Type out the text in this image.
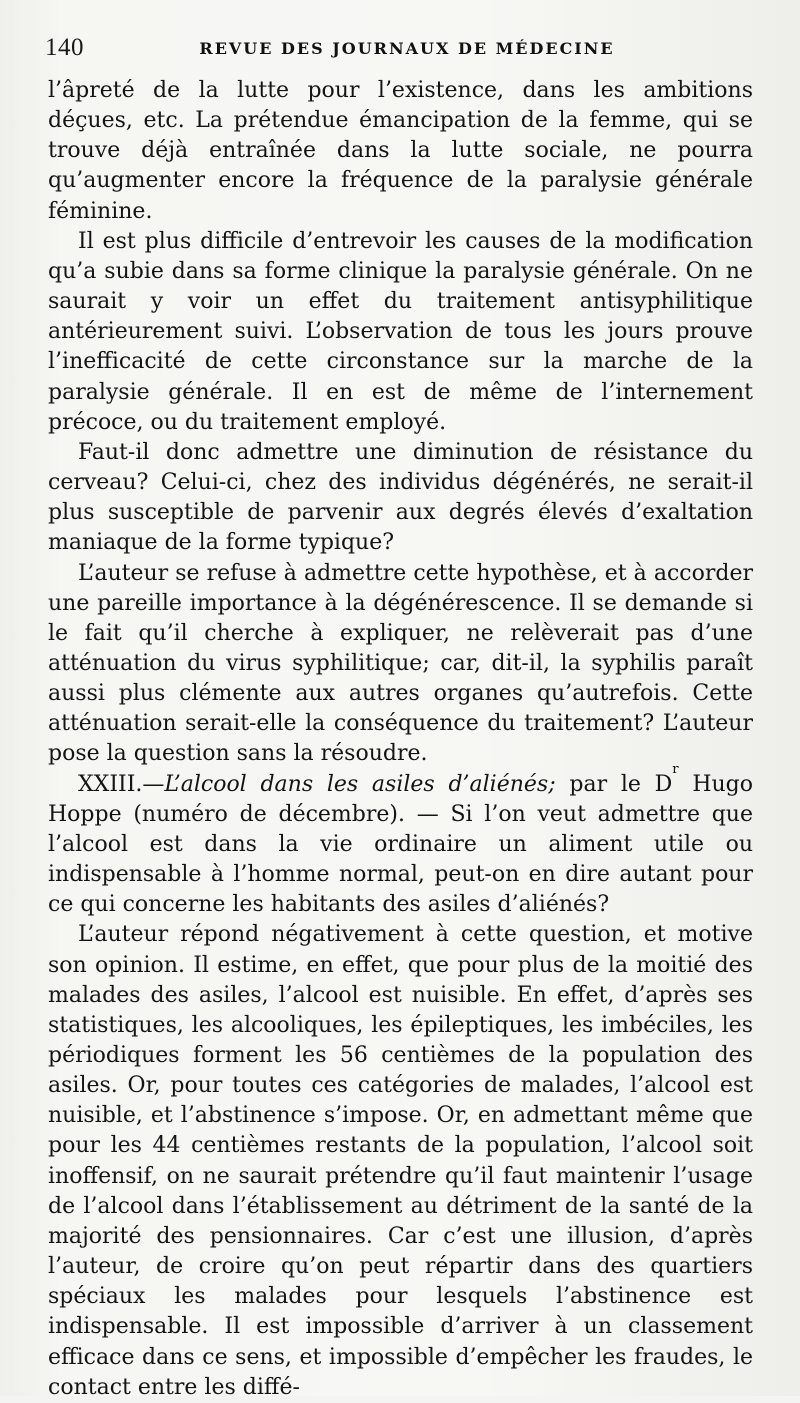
140	REVUE DES JOURNAUX DE MÉDECINE

l’âpreté de la lutte pour l’existence, dans les ambitions déçues, etc. La prétendue émancipation de la femme, qui se trouve déjà entraînée dans la lutte sociale, ne pourra qu’augmenter encore la fréquence de la paralysie générale féminine.

Il est plus difficile d’entrevoir les causes de la modification qu’a subie dans sa forme clinique la paralysie générale. On ne saurait y voir un effet du traitement antisyphilitique antérieurement suivi. L’observation de tous les jours prouve l’inefficacité de cette circonstance sur la marche de la paralysie générale. Il en est de même de l’internement précoce, ou du traitement employé.

Faut-il donc admettre une diminution de résistance du cerveau? Celui-ci, chez des individus dégénérés, ne serait-il plus susceptible de parvenir aux degrés élevés d’exaltation maniaque de la forme typique?

L’auteur se refuse à admettre cette hypothèse, et à accorder une pareille importance à la dégénérescence. Il se demande si le fait qu’il cherche à expliquer, ne relèverait pas d’une atténuation du virus syphilitique; car, dit-il, la syphilis paraît aussi plus clémente aux autres organes qu’autrefois. Cette atténuation serait-elle la conséquence du traitement? L’auteur pose la question sans la résoudre.

XXIII.—L’alcool dans les asiles d’aliénés; par le $D^r$ Hugo Hoppe (numéro de décembre). — Si l’on veut admettre que l’alcool est dans la vie ordinaire un aliment utile ou indispensable à l’homme normal, peut-on en dire autant pour ce qui concerne les habitants des asiles d’aliénés?

L’auteur répond négativement à cette question, et motive son opinion. Il estime, en effet, que pour plus de la moitié des malades des asiles, l’alcool est nuisible. En effet, d’après ses statistiques, les alcooliques, les épileptiques, les imbéciles, les périodiques forment les 56 centièmes de la population des asiles. Or, pour toutes ces catégories de malades, l’alcool est nuisible, et l’abstinence s’impose. Or, en admettant même que pour les 44 centièmes restants de la population, l’alcool soit inoffensif, on ne saurait prétendre qu’il faut maintenir l’usage de l’alcool dans l’établissement au détriment de la santé de la majorité des pensionnaires. Car c’est une illusion, d’après l’auteur, de croire qu’on peut répartir dans des quartiers spéciaux les malades pour lesquels l’abstinence est indispensable. Il est impossible d’arriver à un classement efficace dans ce sens, et impossible d’empêcher les fraudes, le contact entre les diffé-
